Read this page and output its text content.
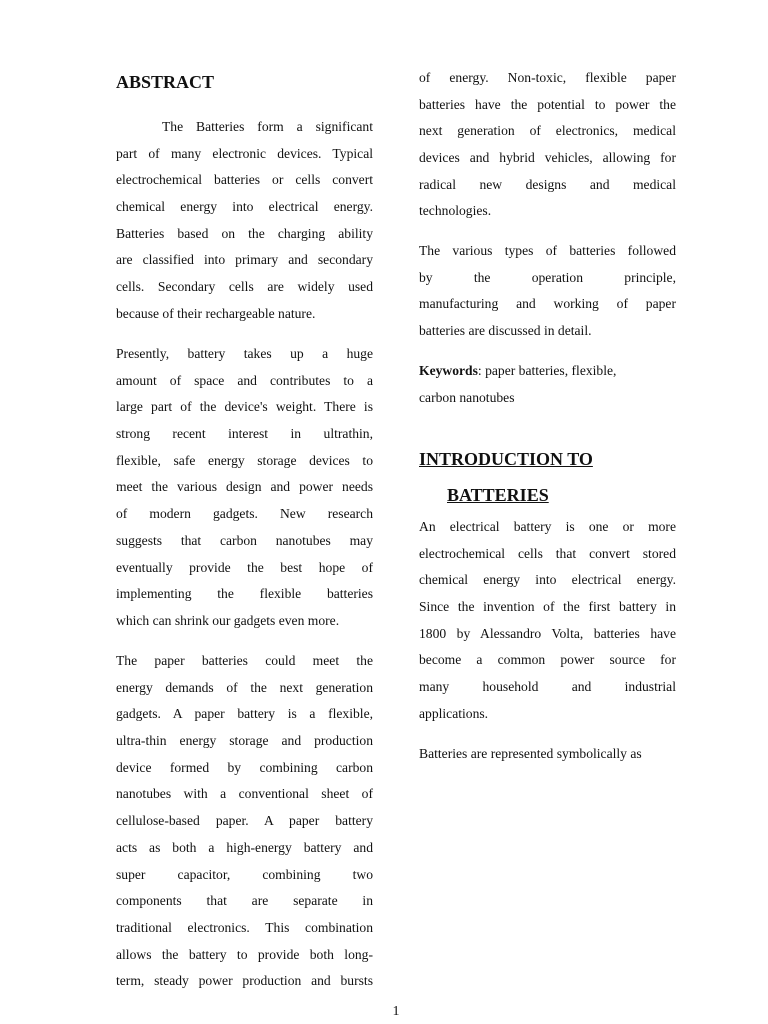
ABSTRACT
The Batteries form a significant
part of many electronic devices. Typical
electrochemical batteries or cells convert
chemical energy into electrical energy.
Batteries based on the charging ability
are classified into primary and secondary
cells. Secondary cells are widely used
because of their rechargeable nature.
Presently, battery takes up a huge
amount of space and contributes to a
large part of the device's weight. There is
strong recent interest in ultrathin,
flexible, safe energy storage devices to
meet the various design and power needs
of modern gadgets. New research
suggests that carbon nanotubes may
eventually provide the best hope of
implementing the flexible batteries
which can shrink our gadgets even more.
The paper batteries could meet the
energy demands of the next generation
gadgets. A paper battery is a flexible,
ultra-thin energy storage and production
device formed by combining carbon
nanotubes with a conventional sheet of
cellulose-based paper. A paper battery
acts as both a high-energy battery and
super capacitor, combining two
components that are separate in
traditional electronics. This combination
allows the battery to provide both long-
term, steady power production and bursts
of energy. Non-toxic, flexible paper
batteries have the potential to power the
next generation of electronics, medical
devices and hybrid vehicles, allowing for
radical new designs and medical
technologies.
The various types of batteries followed
by the operation principle,
manufacturing and working of paper
batteries are discussed in detail.
Keywords: paper batteries, flexible,
carbon nanotubes
INTRODUCTION TO
BATTERIES
An electrical battery is one or more
electrochemical cells that convert stored
chemical energy into electrical energy.
Since the invention of the first battery in
1800 by Alessandro Volta, batteries have
become a common power source for
many household and industrial
applications.
Batteries are represented symbolically as
1
